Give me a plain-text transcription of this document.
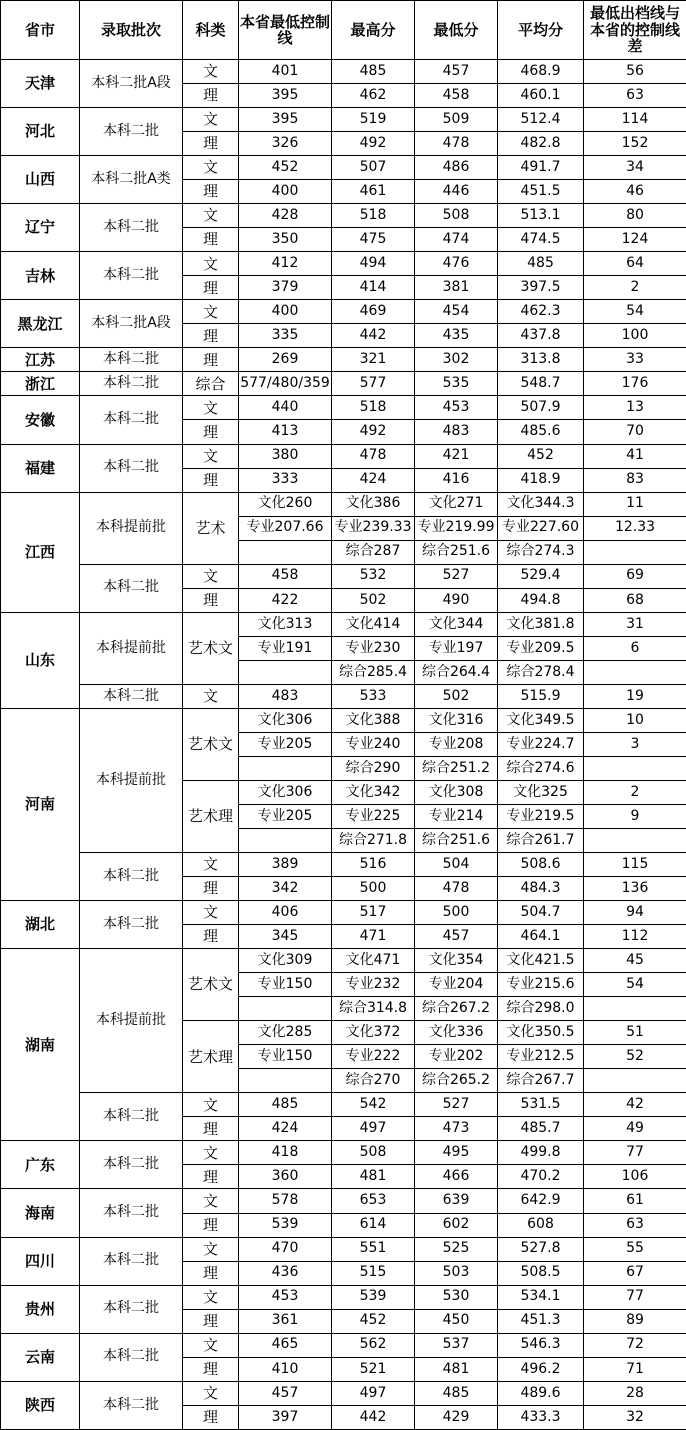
省市	录取批次	科类	本省最低控制线	最高分	最低分	平均分	最低出档线与本省的控制线差
天津	本科二批A段	文	401	485	457	468.9	56
		理	395	462	458	460.1	63
河北	本科二批	文	395	519	509	512.4	114
		理	326	492	478	482.8	152
山西	本科二批A类	文	452	507	486	491.7	34
		理	400	461	446	451.5	46
辽宁	本科二批	文	428	518	508	513.1	80
		理	350	475	474	474.5	124
吉林	本科二批	文	412	494	476	485	64
		理	379	414	381	397.5	2
黑龙江	本科二批A段	文	400	469	454	462.3	54
		理	335	442	435	437.8	100
江苏	本科二批	理	269	321	302	313.8	33
浙江	本科二批	综合	577/480/359	577	535	548.7	176
安徽	本科二批	文	440	518	453	507.9	13
		理	413	492	483	485.6	70
福建	本科二批	文	380	478	421	452	41
		理	333	424	416	418.9	83
江西	本科提前批	艺术	文化260	文化386	文化271	文化344.3	11
			专业207.66	专业239.33	专业219.99	专业227.60	12.33
				综合287	综合251.6	综合274.3	
	本科二批	文	458	532	527	529.4	69
		理	422	502	490	494.8	68
山东	本科提前批	艺术文	文化313	文化414	文化344	文化381.8	31
			专业191	专业230	专业197	专业209.5	6
				综合285.4	综合264.4	综合278.4	
	本科二批	文	483	533	502	515.9	19
河南	本科提前批	艺术文	文化306	文化388	文化316	文化349.5	10
			专业205	专业240	专业208	专业224.7	3
				综合290	综合251.2	综合274.6	
		艺术理	文化306	文化342	文化308	文化325	2
			专业205	专业225	专业214	专业219.5	9
				综合271.8	综合251.6	综合261.7	
	本科二批	文	389	516	504	508.6	115
		理	342	500	478	484.3	136
湖北	本科二批	文	406	517	500	504.7	94
		理	345	471	457	464.1	112
湖南	本科提前批	艺术文	文化309	文化471	文化354	文化421.5	45
			专业150	专业232	专业204	专业215.6	54
				综合314.8	综合267.2	综合298.0	
		艺术理	文化285	文化372	文化336	文化350.5	51
			专业150	专业222	专业202	专业212.5	52
				综合270	综合265.2	综合267.7	
	本科二批	文	485	542	527	531.5	42
		理	424	497	473	485.7	49
广东	本科二批	文	418	508	495	499.8	77
		理	360	481	466	470.2	106
海南	本科二批	文	578	653	639	642.9	61
		理	539	614	602	608	63
四川	本科二批	文	470	551	525	527.8	55
		理	436	515	503	508.5	67
贵州	本科二批	文	453	539	530	534.1	77
		理	361	452	450	451.3	89
云南	本科二批	文	465	562	537	546.3	72
		理	410	521	481	496.2	71
陕西	本科二批	文	457	497	485	489.6	28
		理	397	442	429	433.3	32
